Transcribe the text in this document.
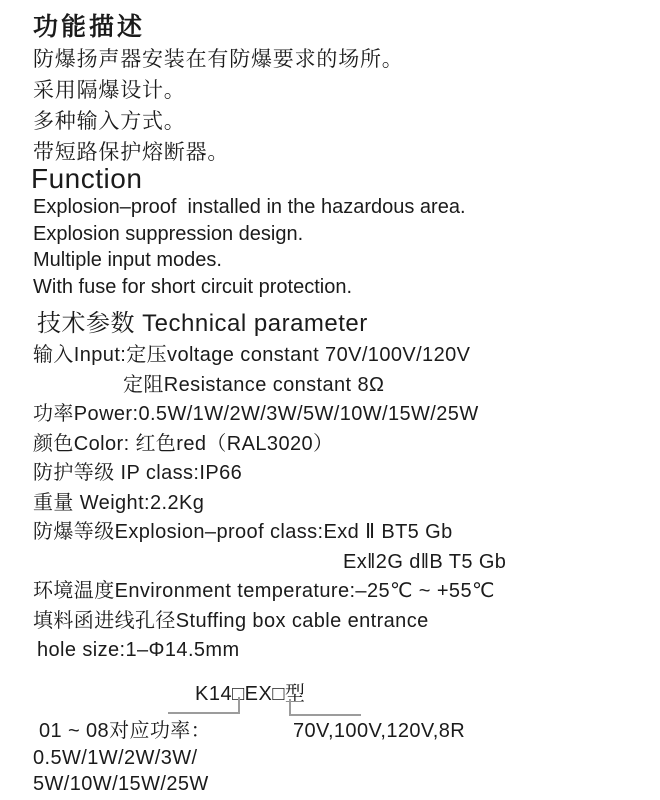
功能描述
防爆扬声器安装在有防爆要求的场所。
采用隔爆设计。
多种输入方式。
带短路保护熔断器。
Function
Explosion–proof  installed in the hazardous area.
Explosion suppression design.
Multiple input modes.
With fuse for short circuit protection.
技术参数 Technical parameter
输入Input:定压voltage constant 70V/100V/120V
定阻Resistance constant 8Ω
功率Power:0.5W/1W/2W/3W/5W/10W/15W/25W
颜色Color: 红色red（RAL3020）
防护等级 IP class:IP66
重量 Weight:2.2Kg
防爆等级Explosion–proof class:Exd Ⅱ BT5 Gb
Ex‖2G d‖B T5 Gb
环境温度Environment temperature:–25℃ ~ +55℃
填料函进线孔径Stuffing box cable entrance
hole size:1–Φ14.5mm
K14□EX□型
01 ~ 08对应功率：
0.5W/1W/2W/3W/
5W/10W/15W/25W
70V,100V,120V,8R
